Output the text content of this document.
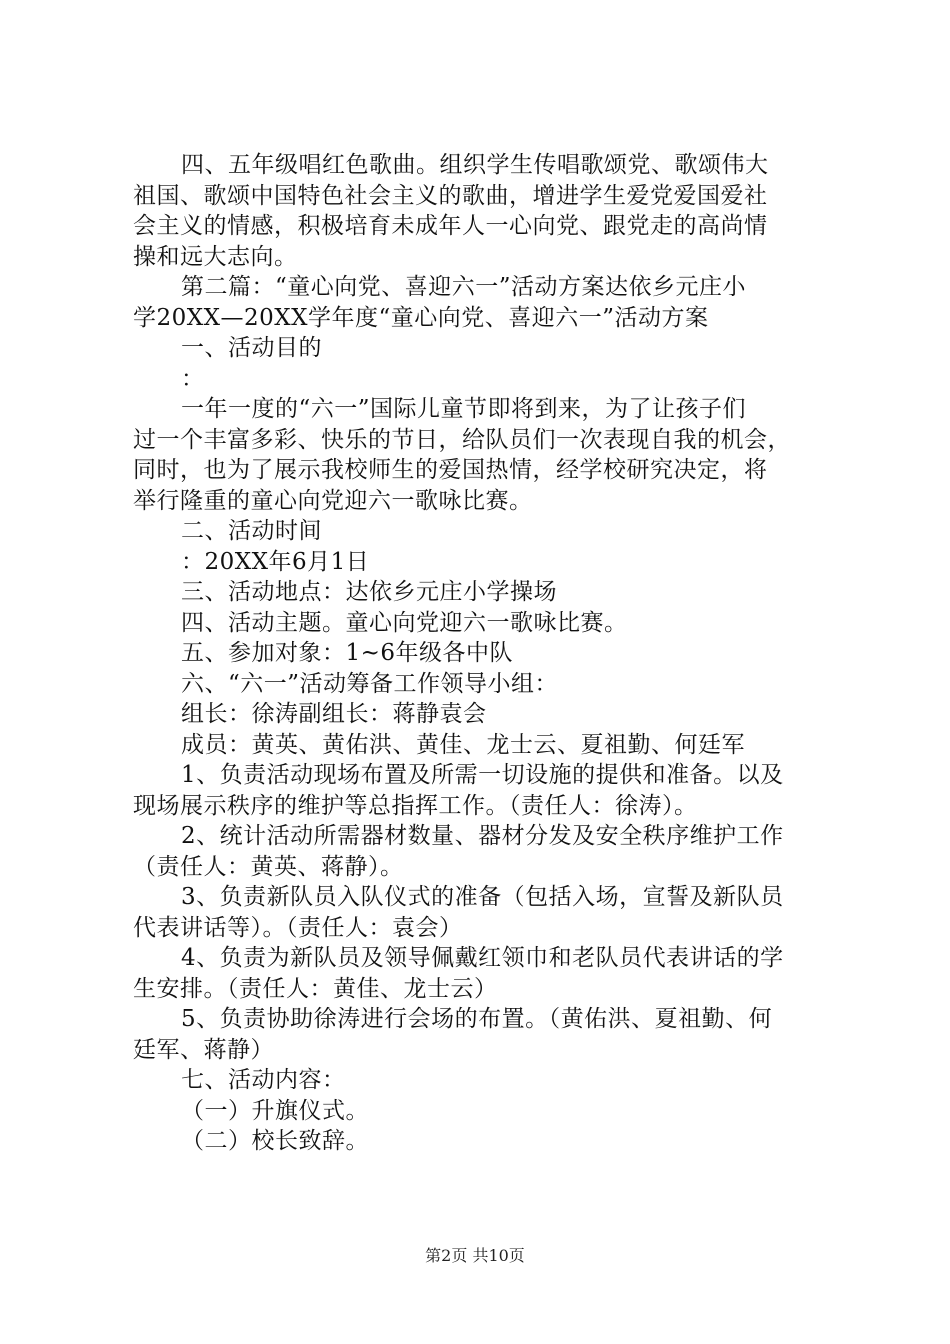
四、五年级唱红色歌曲。组织学生传唱歌颂党、歌颂伟大
祖国、歌颂中国特色社会主义的歌曲，增进学生爱党爱国爱社
会主义的情感，积极培育未成年人一心向党、跟党走的高尚情
操和远大志向。
第二篇：“童心向党、喜迎六一”活动方案达依乡元庄小
学20XX—20XX学年度“童心向党、喜迎六一”活动方案
一、活动目的
：
一年一度的“六一”国际儿童节即将到来，为了让孩子们
过一个丰富多彩、快乐的节日，给队员们一次表现自我的机会，
同时，也为了展示我校师生的爱国热情，经学校研究决定，将
举行隆重的童心向党迎六一歌咏比赛。
二、活动时间
：20XX年6月1日
三、活动地点：达依乡元庄小学操场
四、活动主题。童心向党迎六一歌咏比赛。
五、参加对象：1~6年级各中队
六、“六一”活动筹备工作领导小组：
组长：徐涛副组长：蒋静袁会
成员：黄英、黄佑洪、黄佳、龙士云、夏祖勤、何廷军
1、负责活动现场布置及所需一切设施的提供和准备。以及
现场展示秩序的维护等总指挥工作。（责任人：徐涛）。
2、统计活动所需器材数量、器材分发及安全秩序维护工作
（责任人：黄英、蒋静）。
3、负责新队员入队仪式的准备（包括入场，宣誓及新队员
代表讲话等）。（责任人：袁会）
4、负责为新队员及领导佩戴红领巾和老队员代表讲话的学
生安排。（责任人：黄佳、龙士云）
5、负责协助徐涛进行会场的布置。（黄佑洪、夏祖勤、何
廷军、蒋静）
七、活动内容：
（一）升旗仪式。
（二）校长致辞。
第2页 共10页
